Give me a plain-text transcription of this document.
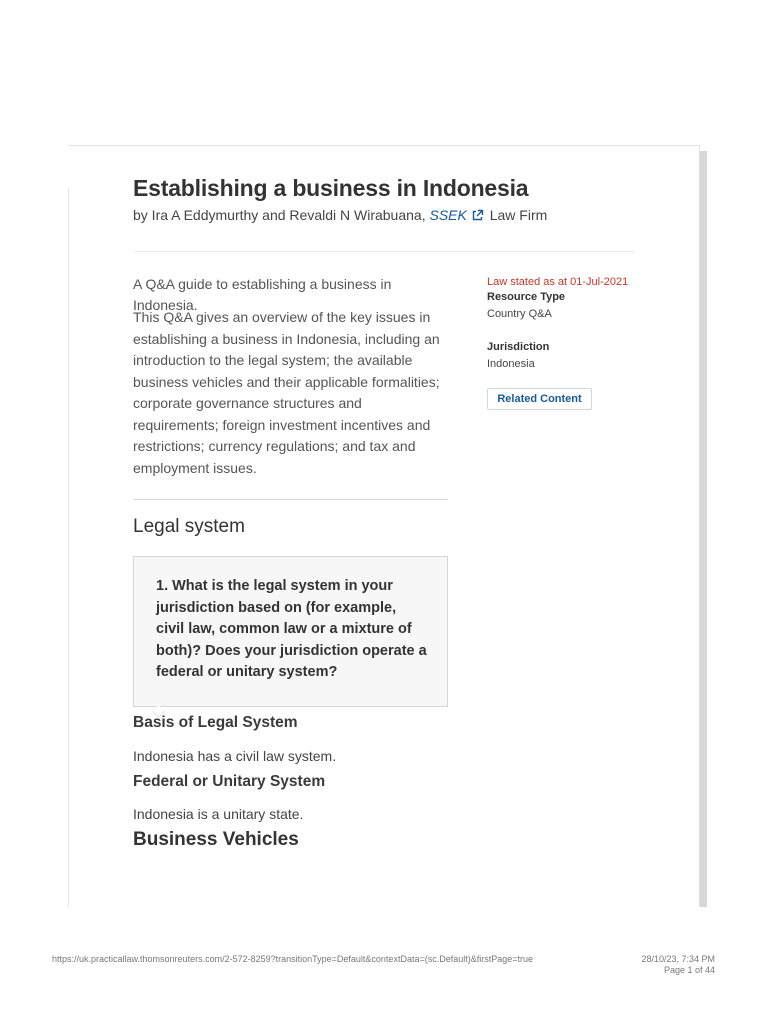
Establishing a business in Indonesia
by Ira A Eddymurthy and Revaldi N Wirabuana, SSEK Law Firm
A Q&A guide to establishing a business in Indonesia.
This Q&A gives an overview of the key issues in establishing a business in Indonesia, including an introduction to the legal system; the available business vehicles and their applicable formalities; corporate governance structures and requirements; foreign investment incentives and restrictions; currency regulations; and tax and employment issues.
Law stated as at 01-Jul-2021
Resource Type
Country Q&A
Jurisdiction
Indonesia
Related Content
Legal system
1. What is the legal system in your jurisdiction based on (for example, civil law, common law or a mixture of both)? Does your jurisdiction operate a federal or unitary system?
Basis of Legal System
Indonesia has a civil law system.
Federal or Unitary System
Indonesia is a unitary state.
Business Vehicles
https://uk.practicallaw.thomsonreuters.com/2-572-8259?transitionType=Default&contextData=(sc.Default)&firstPage=true	28/10/23, 7:34 PM
Page 1 of 44
